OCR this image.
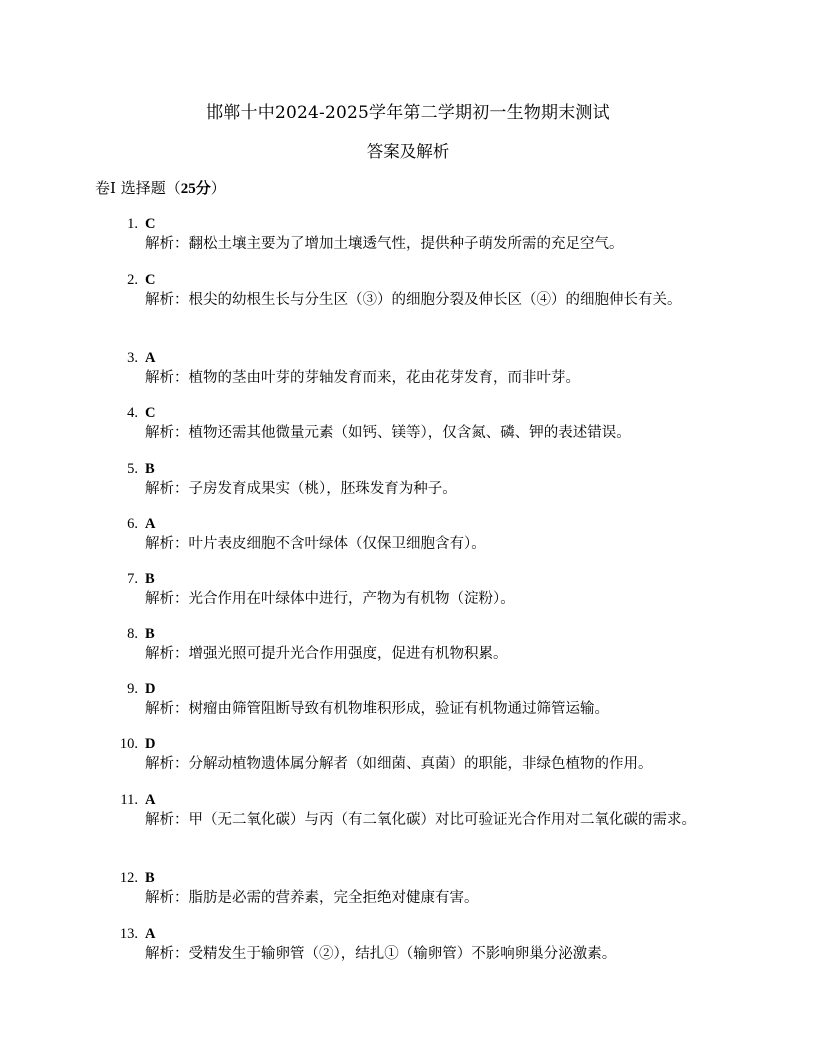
邯郸十中2024-2025学年第二学期初一生物期末测试
答案及解析
卷Ⅰ 选择题（25分）
1. C
解析：翻松土壤主要为了增加土壤透气性，提供种子萌发所需的充足空气。
2. C
解析：根尖的幼根生长与分生区（③）的细胞分裂及伸长区（④）的细胞伸长有关。
3. A
解析：植物的茎由叶芽的芽轴发育而来，花由花芽发育，而非叶芽。
4. C
解析：植物还需其他微量元素（如钙、镁等），仅含氮、磷、钾的表述错误。
5. B
解析：子房发育成果实（桃），胚珠发育为种子。
6. A
解析：叶片表皮细胞不含叶绿体（仅保卫细胞含有）。
7. B
解析：光合作用在叶绿体中进行，产物为有机物（淀粉）。
8. B
解析：增强光照可提升光合作用强度，促进有机物积累。
9. D
解析：树瘤由筛管阻断导致有机物堆积形成，验证有机物通过筛管运输。
10. D
解析：分解动植物遗体属分解者（如细菌、真菌）的职能，非绿色植物的作用。
11. A
解析：甲（无二氧化碳）与丙（有二氧化碳）对比可验证光合作用对二氧化碳的需求。
12. B
解析：脂肪是必需的营养素，完全拒绝对健康有害。
13. A
解析：受精发生于输卵管（②），结扎①（输卵管）不影响卵巢分泌激素。
